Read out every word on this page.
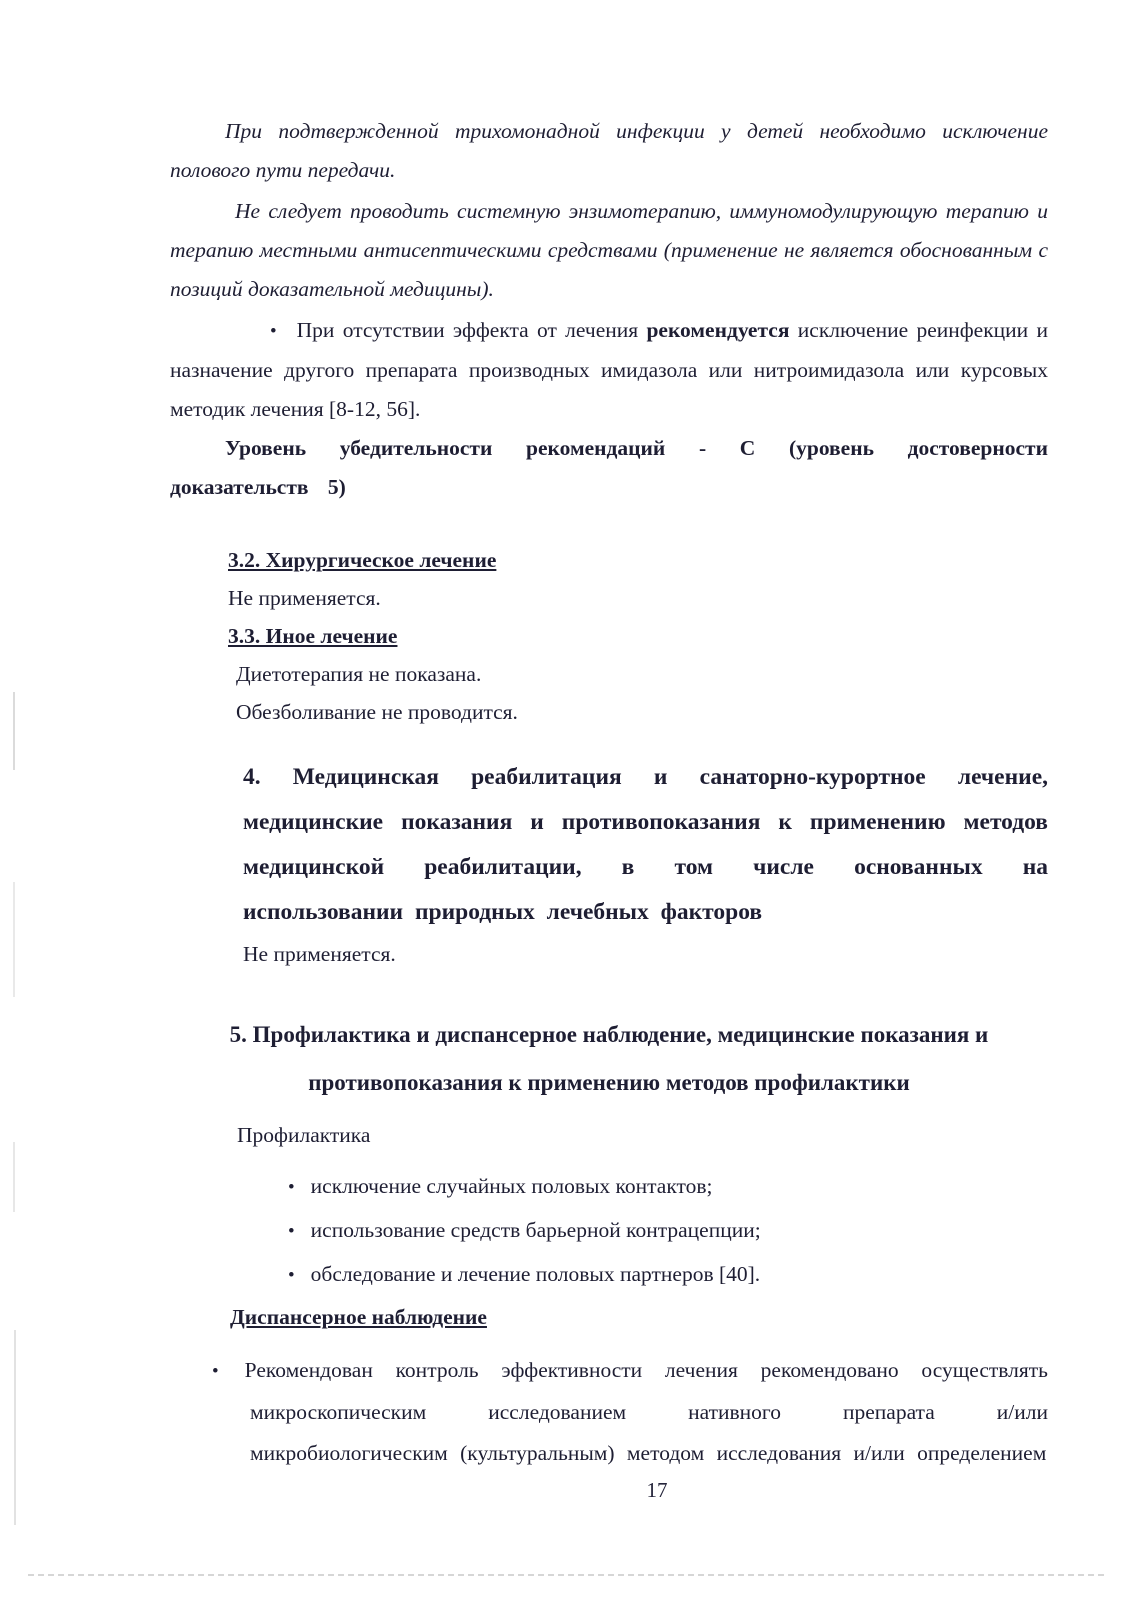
При подтвержденной трихомонадной инфекции у детей необходимо исключение полового пути передачи.

Не следует проводить системную энзимотерапию, иммуномодулирующую терапию и терапию местными антисептическими средствами (применение не является обоснованным с позиций доказательной медицины).

• При отсутствии эффекта от лечения рекомендуется исключение реинфекции и назначение другого препарата производных имидазола или нитроимидазола или курсовых методик лечения [8-12, 56].

Уровень убедительности рекомендаций - С (уровень достоверности доказательств 5)

3.2. Хирургическое лечение

Не применяется.

3.3. Иное лечение

Диетотерапия не показана.

Обезболивание не проводится.

4. Медицинская реабилитация и санаторно-курортное лечение, медицинские показания и противопоказания к применению методов медицинской реабилитации, в том числе основанных на использовании природных лечебных факторов

Не применяется.

5. Профилактика и диспансерное наблюдение, медицинские показания и противопоказания к применению методов профилактики

Профилактика

• исключение случайных половых контактов;
• использование средств барьерной контрацепции;
• обследование и лечение половых партнеров [40].
Диспансерное наблюдение

• Рекомендован контроль эффективности лечения рекомендовано осуществлять микроскопическим исследованием нативного препарата и/или микробиологическим (культуральным) методом исследования и/или определением

17
